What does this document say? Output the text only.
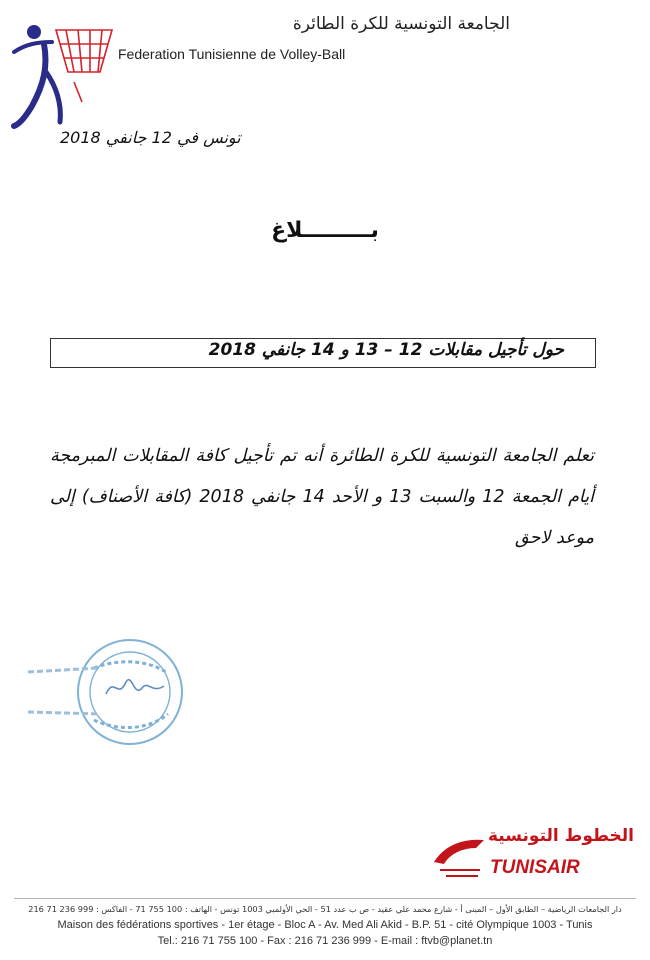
الجامعة التونسية للكرة الطائرة
Federation Tunisienne de Volley-Ball
تونس في 12 جانفي 2018
بـــــــــلاغ
حول تأجيل مقابلات 12 – 13 و 14 جانفي 2018
تعلم الجامعة التونسية للكرة الطائرة أنه تم تأجيل كافة المقابلات المبرمجة أيام الجمعة 12 والسبت 13 و الأحد 14 جانفي 2018 (كافة الأصناف) إلى موعد لاحق
الخطوط التونسية
TUNISAIR
دار الجامعات الرياضية – الطابق الأول – المبنى أ - شارع محمد علي عقيد - ص ب عدد 51 - الحي الأولمبي 1003 تونس - الهاتف : 100 755 71 - الفاكس : 999 236 71 216
Maison des fédérations sportives - 1er étage - Bloc A - Av. Med Ali Akid - B.P. 51 - cité Olympique 1003 - Tunis
Tel.: 216 71 755 100 - Fax : 216 71 236 999 - E-mail : ftvb@planet.tn
